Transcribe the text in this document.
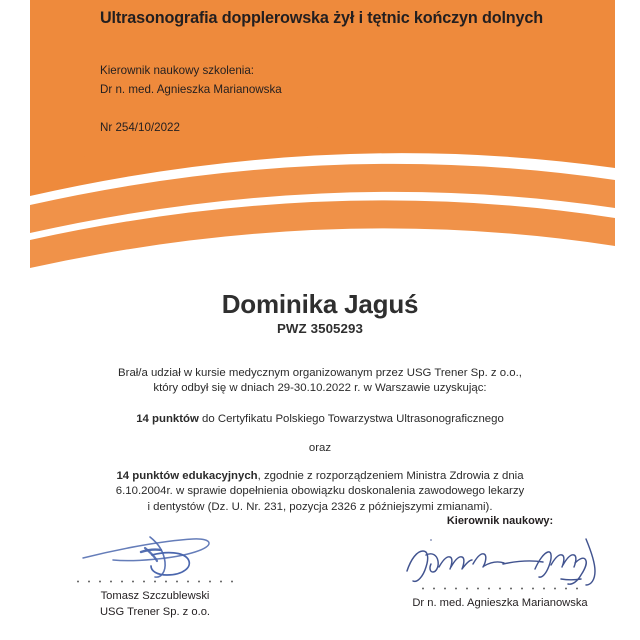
Ultrasonografia dopplerowska żył i tętnic kończyn dolnych
Kierownik naukowy szkolenia:
Dr n. med. Agnieszka Marianowska
Nr 254/10/2022
Dominika Jaguś
PWZ 3505293

Brał/a udział w kursie medycznym organizowanym przez USG Trener Sp. z o.o.,
który odbył się w dniach 29-30.10.2022 r. w Warszawie uzyskując:

14 punktów do Certyfikatu Polskiego Towarzystwa Ultrasonograficznego

oraz

14 punktów edukacyjnych, zgodnie z rozporządzeniem Ministra Zdrowia z dnia
6.10.2004r. w sprawie dopełnienia obowiązku doskonalenia zawodowego lekarzy
i dentystów (Dz. U. Nr. 231, pozycja 2326 z późniejszymi zmianami).

Tomasz Szczublewski
USG Trener Sp. z o.o.
Kierownik naukowy:
Dr n. med. Agnieszka Marianowska
